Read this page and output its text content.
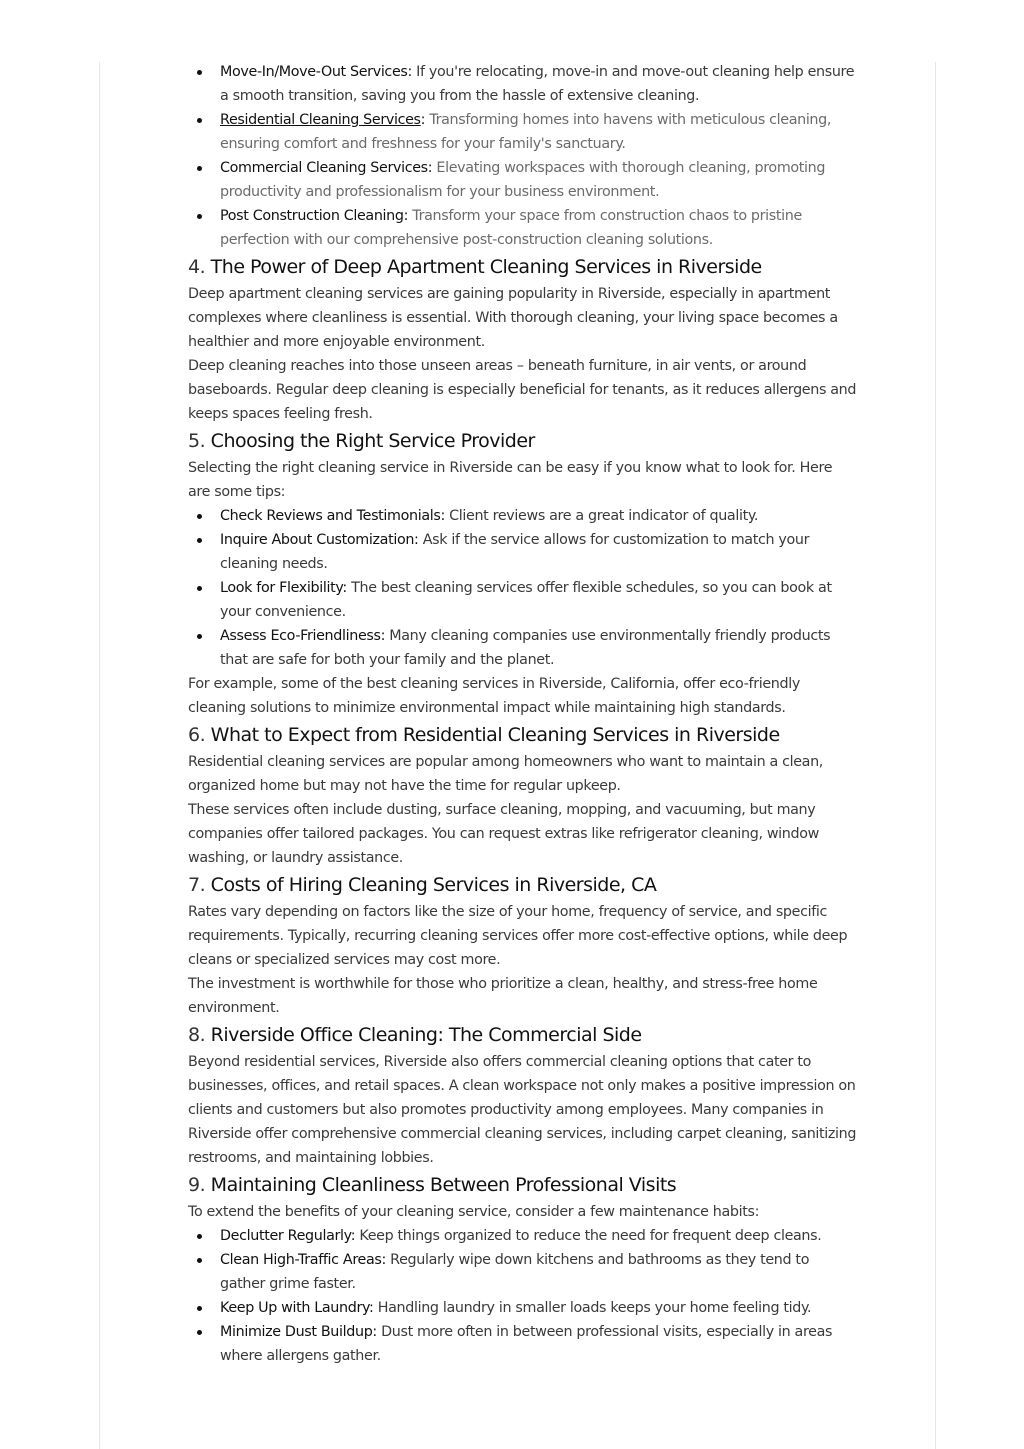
Move-In/Move-Out Services: If you're relocating, move-in and move-out cleaning help ensure a smooth transition, saving you from the hassle of extensive cleaning.
Residential Cleaning Services: Transforming homes into havens with meticulous cleaning, ensuring comfort and freshness for your family's sanctuary.
Commercial Cleaning Services: Elevating workspaces with thorough cleaning, promoting productivity and professionalism for your business environment.
Post Construction Cleaning: Transform your space from construction chaos to pristine perfection with our comprehensive post-construction cleaning solutions.
4. The Power of Deep Apartment Cleaning Services in Riverside

Deep apartment cleaning services are gaining popularity in Riverside, especially in apartment complexes where cleanliness is essential. With thorough cleaning, your living space becomes a healthier and more enjoyable environment.

Deep cleaning reaches into those unseen areas – beneath furniture, in air vents, or around baseboards. Regular deep cleaning is especially beneficial for tenants, as it reduces allergens and keeps spaces feeling fresh.

5. Choosing the Right Service Provider

Selecting the right cleaning service in Riverside can be easy if you know what to look for. Here are some tips:

Check Reviews and Testimonials: Client reviews are a great indicator of quality.
Inquire About Customization: Ask if the service allows for customization to match your cleaning needs.
Look for Flexibility: The best cleaning services offer flexible schedules, so you can book at your convenience.
Assess Eco-Friendliness: Many cleaning companies use environmentally friendly products that are safe for both your family and the planet.

For example, some of the best cleaning services in Riverside, California, offer eco-friendly cleaning solutions to minimize environmental impact while maintaining high standards.

6. What to Expect from Residential Cleaning Services in Riverside

Residential cleaning services are popular among homeowners who want to maintain a clean, organized home but may not have the time for regular upkeep.

These services often include dusting, surface cleaning, mopping, and vacuuming, but many companies offer tailored packages. You can request extras like refrigerator cleaning, window washing, or laundry assistance.

7. Costs of Hiring Cleaning Services in Riverside, CA

Rates vary depending on factors like the size of your home, frequency of service, and specific requirements. Typically, recurring cleaning services offer more cost-effective options, while deep cleans or specialized services may cost more.

The investment is worthwhile for those who prioritize a clean, healthy, and stress-free home environment.

8. Riverside Office Cleaning: The Commercial Side

Beyond residential services, Riverside also offers commercial cleaning options that cater to businesses, offices, and retail spaces. A clean workspace not only makes a positive impression on clients and customers but also promotes productivity among employees. Many companies in Riverside offer comprehensive commercial cleaning services, including carpet cleaning, sanitizing restrooms, and maintaining lobbies.

9. Maintaining Cleanliness Between Professional Visits

To extend the benefits of your cleaning service, consider a few maintenance habits:

Declutter Regularly: Keep things organized to reduce the need for frequent deep cleans.
Clean High-Traffic Areas: Regularly wipe down kitchens and bathrooms as they tend to gather grime faster.
Keep Up with Laundry: Handling laundry in smaller loads keeps your home feeling tidy.
Minimize Dust Buildup: Dust more often in between professional visits, especially in areas where allergens gather.
